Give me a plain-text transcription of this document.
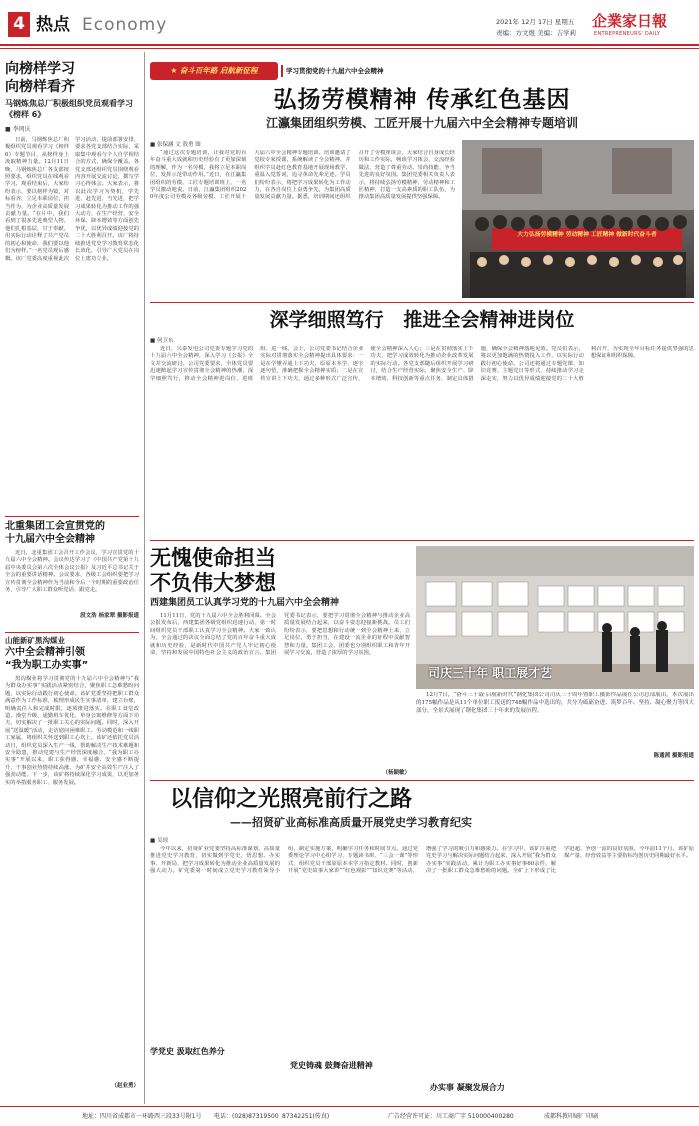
4 热点 Economy	2021年 12月 17日 星期五
责编：方文煜 美编：吉学莉
企業家日報
ENTREPRENEURS' DAILY
向榜样学习
向榜样看齐
马钢炼焦总厂积极组织党员观看学习《榜样 6》
■ 李珂庆
日前，马钢炼焦总厂积极组织党员观看学习《榜样6》专题节目，从榜样身上汲取精神力量。12月11日晚，马钢炼焦总厂各支部按照要求，组织党员在线观看学习。观看结束后，大家纷纷表示，要以榜样为镜，对标看齐，立足本职岗位，担当作为，为企业高质量发展贡献力量。“在片中，我们看到了很多先进典型人物，他们扎根基层，甘于奉献，用实际行动诠释了共产党员的初心和使命，我们要以他们为榜样。”一名党员观后感慨。该厂党委高度重视此次学习活动，提前部署安排，要求各党支部结合实际，采取集中观看与个人自学相结合的方式，确保全覆盖。各党支部还组织党员围绕观看内容开展交流讨论，撰写学习心得体会。大家表示，将以此次学习为契机，学先进、赶先进、当先进，把学习成果转化为推动工作的强大动力，在生产经营、安全环保、降本增效等方面创先争优，以优异成绩迎接党的二十大胜利召开。该厂将持续推进党史学习教育常态化长效化，引导广大党员在岗位上建功立业。
北重集团工会宣贯党的
十九届六中全会精神
近日，北重集团工会召开工作会议，学习宣贯党的十九届六中全会精神。会议传达学习了《中国共产党第十九届中央委员会第六次全体会议公报》及习近平总书记关于全会的重要讲话精神。会议要求，各级工会组织要把学习宣传贯彻全会精神作为当前和今后一个时期的重要政治任务，引导广大职工群众听党话、跟党走。
段文浩 杨家翠 摄影报道
山能新矿黑沟煤业
六中全会精神引领
“我为职工办实事”
黑沟煤业将学习贯彻党的十九届六中全会精神与“我为群众办实事”实践活动紧密结合，聚焦职工急难愁盼问题，以实际行动践行初心使命。该矿党委坚持把职工群众满意作为工作标准，梳理形成民生实事清单，建立台账，明确责任人和完成时限，逐项推进落实。在职工食堂改造、澡堂升级、通勤班车优化、单身公寓维修等方面下功夫，切实解决了一批职工关心的实际问题。同时，深入开展“送温暖”活动，走访慰问困难职工、劳动模范和一线职工家属，将组织关怀送到职工心坎上。该矿还依托党员活动日，组织党员深入生产一线，帮助解决生产技术难题和安全隐患，推动党建与生产经营深度融合。“我为职工办实事”开展以来，职工获得感、幸福感、安全感不断提升，干事创业热情持续高涨，为矿井安全高效生产注入了强劲动能。下一步，该矿将持续深化学习成果，以更加务实的举措服务职工、服务发展。
（赵业勇）
★ 奋斗百年路 启航新征程	学习贯彻党的十九届六中全会精神
弘扬劳模精神 传承红色基因
江瀛集团组织劳模、工匠开展十九届六中全会精神专题培训
■ 张保涵 文 敖勇 图
“通过这次专题培训，让我对党的百年奋斗重大成就和历史经验有了更加深刻的理解，作为一名劳模，我将立足本职岗位，发挥示范带动作用。”近日，在江瀛集团组织的劳模、工匠专题培训班上，一名学员激动地说。日前，江瀛集团组织2020年度公司劳模及各级劳模、工匠开展十九届六中全会精神专题培训。培训邀请了党校专家授课，系统解读了全会精神，并组织学员赴红色教育基地开展现场教学，重温入党誓词，追寻革命先辈足迹。学员们纷纷表示，将把学习成果转化为工作动力，在各自岗位上奋勇争先，为集团高质量发展贡献力量。据悉，培训期间还组织召开了劳模座谈会，大家结合自身成长经历和工作实际，畅谈学习体会，交流经验做法，营造了尊重劳动、崇尚技能、争当先进的良好氛围。集团党委相关负责人表示，将持续弘扬劳模精神、劳动精神和工匠精神，打造一支高素质的职工队伍，为推动集团高质量发展提供坚强保障。
大力弘扬劳模精神 劳动精神 工匠精神 做新时代奋斗者
深学细照笃行   推进全会精神进岗位
■ 何卫东
近日，兴泰发电公司党委专题学习党的十九届六中全会精神，深入学习《公报》全文并交流研讨。公司党委要求，全体党员要迅速掀起学习宣传贯彻全会精神的热潮，深学细照笃行，推动全会精神进岗位、进班组、进一线。会上，公司党委书记结合企业实际对贯彻落实全会精神提出具体要求：一是在学懂弄通上下功夫，原原本本学、逐字逐句悟，准确把握全会精神实质；二是在宣传宣讲上下功夫，通过多种形式广泛宣传，使全会精神深入人心；三是在贯彻落实上下功夫，把学习成效转化为推动企业改革发展的实际行动。各党支部随后组织开展学习研讨，结合生产经营实际，聚焦安全生产、降本增效、科技创新等重点任务，制定具体措施，确保全会精神落地见效。党员们表示，将以更加饱满的热情投入工作，以实际行动践行初心使命。公司还将通过专题党课、知识竞赛、主题党日等形式，持续推动学习走深走实，努力以优异成绩迎接党的二十大胜利召开，为实现全年目标任务提供坚强的思想保证和组织保障。
无愧使命担当
不负伟大梦想
西建集团员工认真学习党的十九届六中全会精神
11月11日，党的十九届六中全会胜利闭幕。全会公报发布后，西建集团各级党组织迅速行动，第一时间组织党员干部职工认真学习全会精神。大家一致认为，全会通过的决议全面总结了党的百年奋斗重大成就和历史经验，是新时代中国共产党人牢记初心使命、坚持和发展中国特色社会主义的政治宣言。集团党委书记表示，要把学习贯彻全会精神与推动企业高质量发展结合起来，以奋斗姿态迎接新挑战。员工们纷纷表示，要把思想和行动统一到全会精神上来，立足岗位、勇于担当，在建设一流企业的征程中贡献智慧和力量。集团工会、团委也分别组织职工和青年开展学习交流，营造了浓厚的学习氛围。
（杨颖敏）
司庆三十年 职工展才艺
12月7日，“奋斗三十载·启航新时代”钢化集团公司司庆三十周年暨职工摄影作品展在公司总部展出。本次展出的175幅作品是从11个单位职工报送的748幅作品中选出的，共分为砥砺奋进、筑梦百年、坚持、凝心聚力等四大部分，全景式展现了钢化集团三十年来的发展历程。
陈通茜 摄影报道
以信仰之光照亮前行之路
——招贤矿业高标准高质量开展党史学习教育纪实
■ 吴琼
今年以来，招贤矿业党委坚持高标准谋划、高质量推进党史学习教育，切实做到学党史、悟思想、办实事、开新局，把学习成果转化为推动企业高质量发展的强大动力。矿党委第一时间成立党史学习教育领导小组，制定实施方案，明确学习任务和时间节点。通过党委理论学习中心组学习、专题读书班、“三会一课”等形式，组织党员干部原原本本学习指定教材。同时，创新开展“党史故事大家讲”“红色观影”“知识竞赛”等活动，增强了学习的吸引力和感染力。在学习中，该矿注重把党史学习与解决实际问题结合起来，深入开展“我为群众办实事”实践活动，累计为职工办实事好事60余件，解决了一批职工群众急难愁盼的问题。全矿上下形成了比学赶超、争创一流的良好氛围。今年前11个月，该矿原煤产量、经营效益等主要指标均创历史同期最好水平。
学党史 汲取红色养分
党史铸魂 鼓舞奋进精神
办实事 凝聚发展合力
地址：四川省成都市一环路西三段33号附1号 电话：(028)87319500 87342251(传真)	广告经营许可证：川工商广字 510000400280	成都科教印刷厂印刷
